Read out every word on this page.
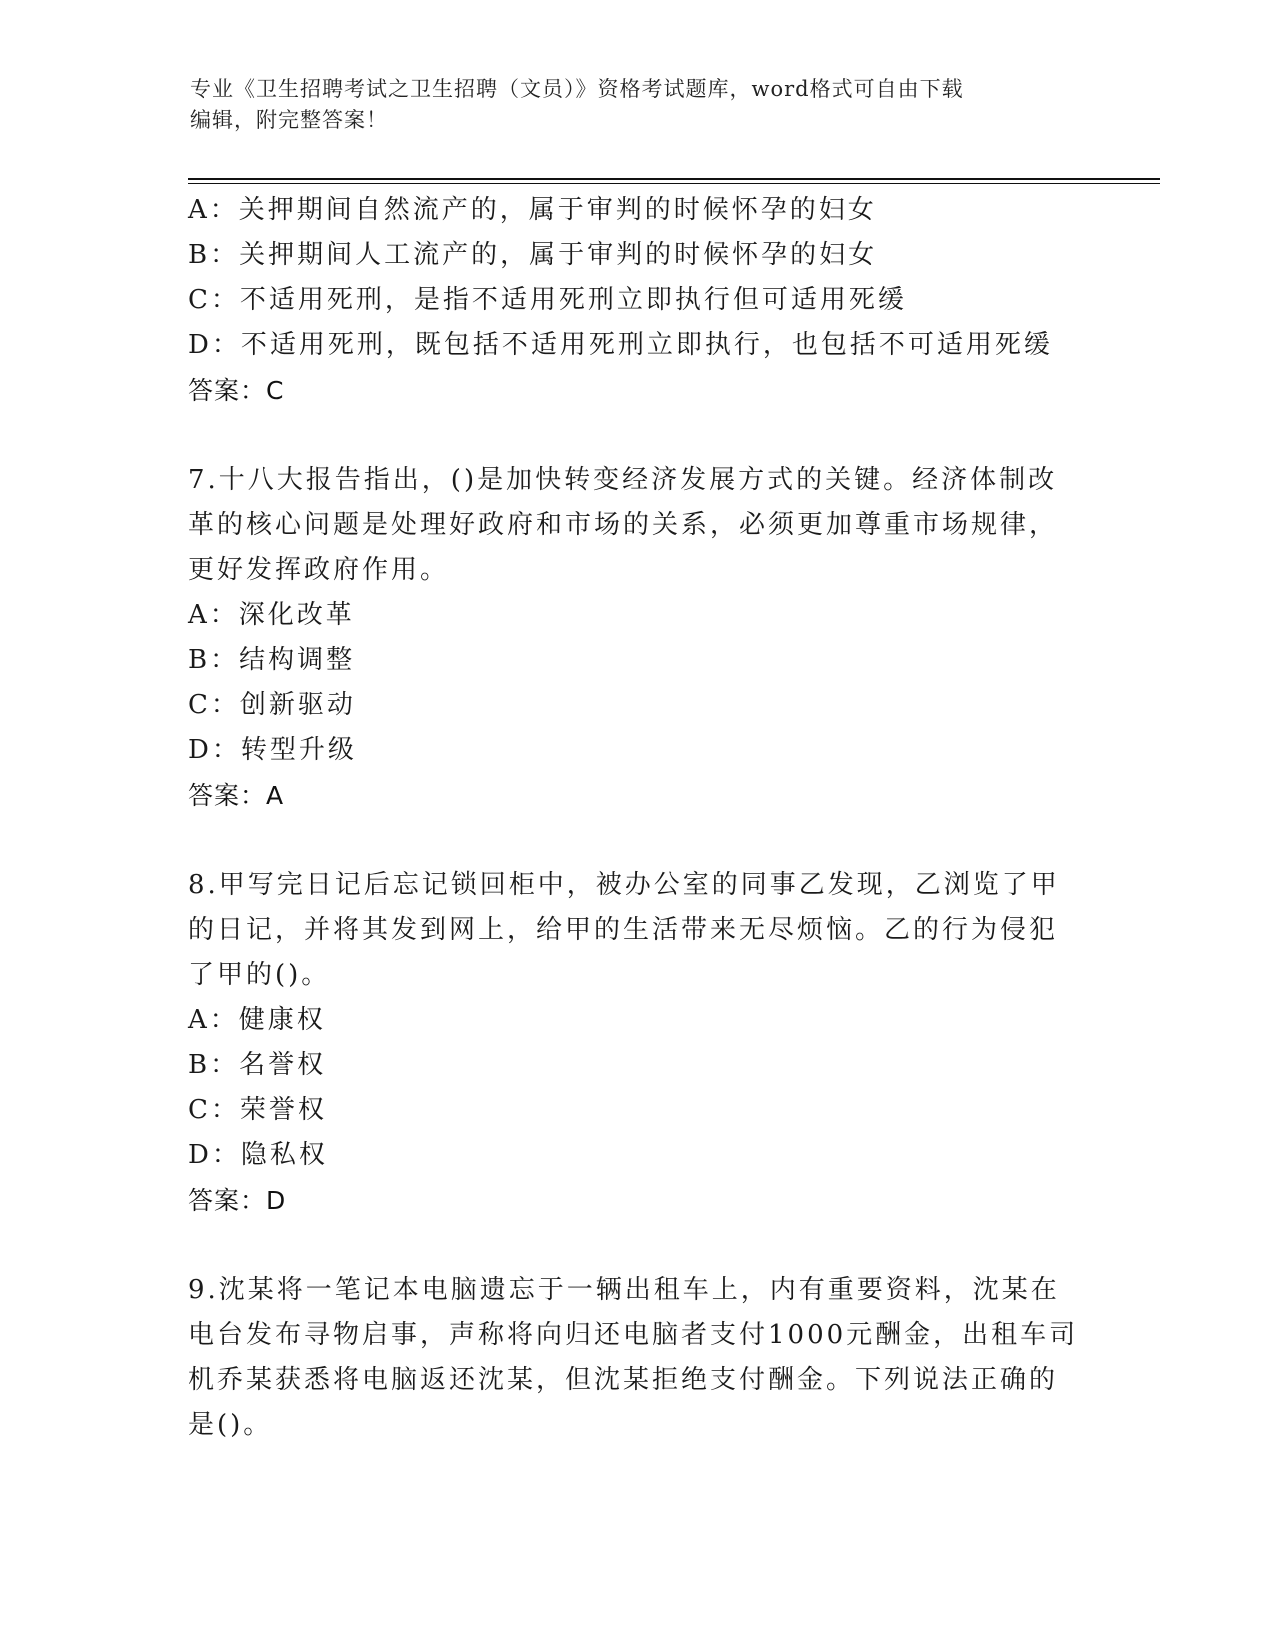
专业《卫生招聘考试之卫生招聘（文员）》资格考试题库，word格式可自由下载
编辑，附完整答案！
A：关押期间自然流产的，属于审判的时候怀孕的妇女
B：关押期间人工流产的，属于审判的时候怀孕的妇女
C：不适用死刑，是指不适用死刑立即执行但可适用死缓
D：不适用死刑，既包括不适用死刑立即执行，也包括不可适用死缓
答案：C
7.十八大报告指出，()是加快转变经济发展方式的关键。经济体制改
革的核心问题是处理好政府和市场的关系，必须更加尊重市场规律，
更好发挥政府作用。
A：深化改革
B：结构调整
C：创新驱动
D：转型升级
答案：A
8.甲写完日记后忘记锁回柜中，被办公室的同事乙发现，乙浏览了甲
的日记，并将其发到网上，给甲的生活带来无尽烦恼。乙的行为侵犯
了甲的()。
A：健康权
B：名誉权
C：荣誉权
D：隐私权
答案：D
9.沈某将一笔记本电脑遗忘于一辆出租车上，内有重要资料，沈某在
电台发布寻物启事，声称将向归还电脑者支付1000元酬金，出租车司
机乔某获悉将电脑返还沈某，但沈某拒绝支付酬金。下列说法正确的
是()。
